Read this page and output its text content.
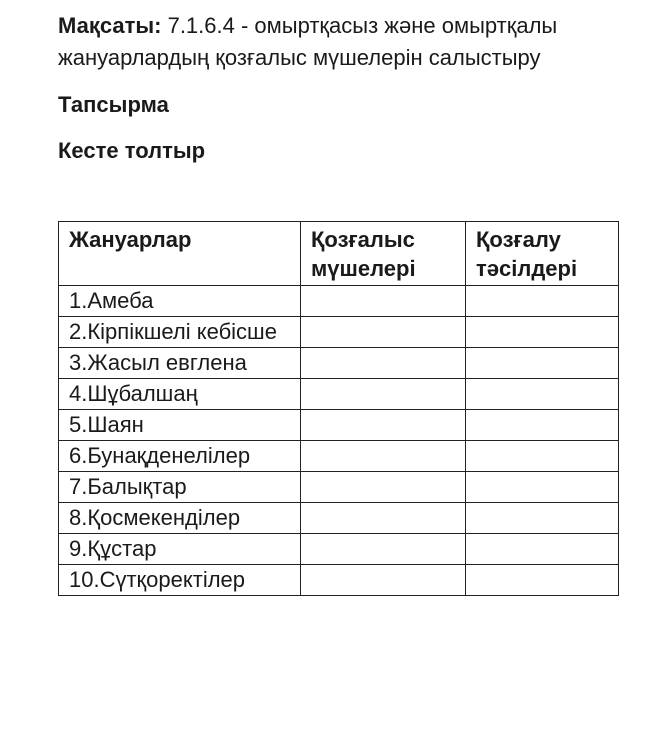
Мақсаты: 7.1.6.4 - омыртқасыз және омыртқалы жануарлардың қозғалыс мүшелерін салыстыру

Тапсырма

Кесте толтыр

Жануарлар	Қозғалыс мүшелері	Қозғалу тәсілдері
1.Амеба		
2.Кірпікшелі кебісше		
3.Жасыл евглена		
4.Шұбалшаң		
5.Шаян		
6.Бунақденелілер		
7.Балықтар		
8.Қосмекенділер		
9.Құстар		
10.Сүтқоректілер		
